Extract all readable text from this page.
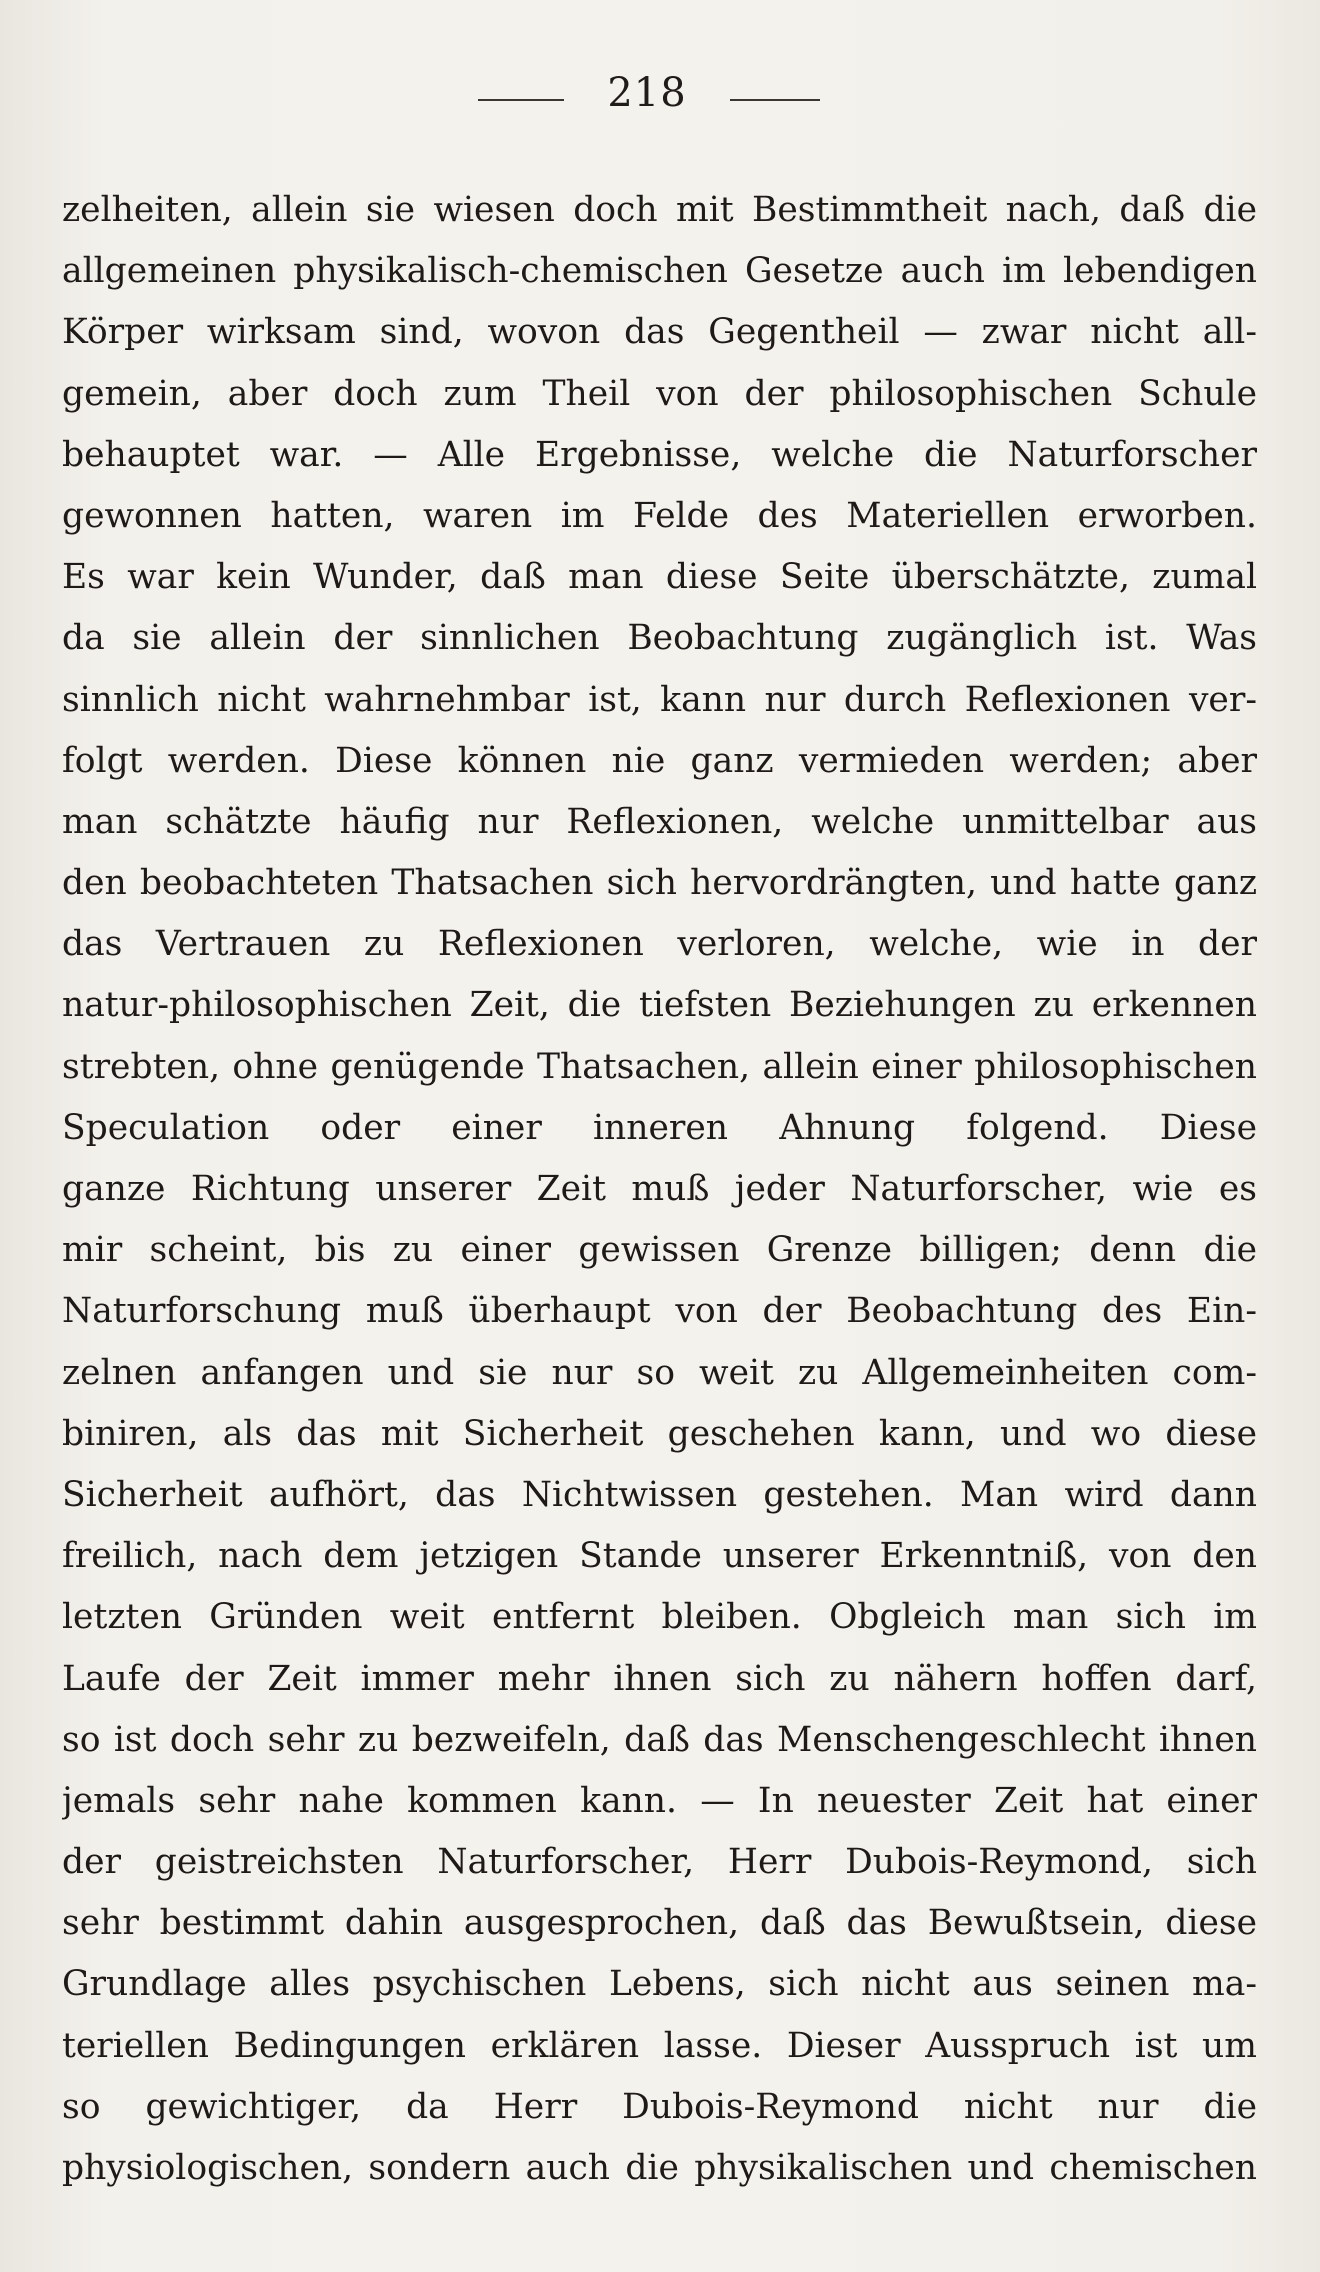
218
zelheiten, allein sie wiesen doch mit Bestimmtheit nach, daß die
allgemeinen physikalisch-chemischen Gesetze auch im lebendigen
Körper wirksam sind, wovon das Gegentheil — zwar nicht all-
gemein, aber doch zum Theil von der philosophischen Schule
behauptet war. — Alle Ergebnisse, welche die Naturforscher
gewonnen hatten, waren im Felde des Materiellen erworben.
Es war kein Wunder, daß man diese Seite überschätzte, zumal
da sie allein der sinnlichen Beobachtung zugänglich ist. Was
sinnlich nicht wahrnehmbar ist, kann nur durch Reflexionen ver-
folgt werden. Diese können nie ganz vermieden werden; aber
man schätzte häufig nur Reflexionen, welche unmittelbar aus
den beobachteten Thatsachen sich hervordrängten, und hatte ganz
das Vertrauen zu Reflexionen verloren, welche, wie in der
natur-philosophischen Zeit, die tiefsten Beziehungen zu erkennen
strebten, ohne genügende Thatsachen, allein einer philosophischen
Speculation oder einer inneren Ahnung folgend. Diese
ganze Richtung unserer Zeit muß jeder Naturforscher, wie es
mir scheint, bis zu einer gewissen Grenze billigen; denn die
Naturforschung muß überhaupt von der Beobachtung des Ein-
zelnen anfangen und sie nur so weit zu Allgemeinheiten com-
biniren, als das mit Sicherheit geschehen kann, und wo diese
Sicherheit aufhört, das Nichtwissen gestehen. Man wird dann
freilich, nach dem jetzigen Stande unserer Erkenntniß, von den
letzten Gründen weit entfernt bleiben. Obgleich man sich im
Laufe der Zeit immer mehr ihnen sich zu nähern hoffen darf,
so ist doch sehr zu bezweifeln, daß das Menschengeschlecht ihnen
jemals sehr nahe kommen kann. — In neuester Zeit hat einer
der geistreichsten Naturforscher, Herr Dubois-Reymond, sich
sehr bestimmt dahin ausgesprochen, daß das Bewußtsein, diese
Grundlage alles psychischen Lebens, sich nicht aus seinen ma-
teriellen Bedingungen erklären lasse. Dieser Ausspruch ist um
so gewichtiger, da Herr Dubois-Reymond nicht nur die
physiologischen, sondern auch die physikalischen und chemischen
